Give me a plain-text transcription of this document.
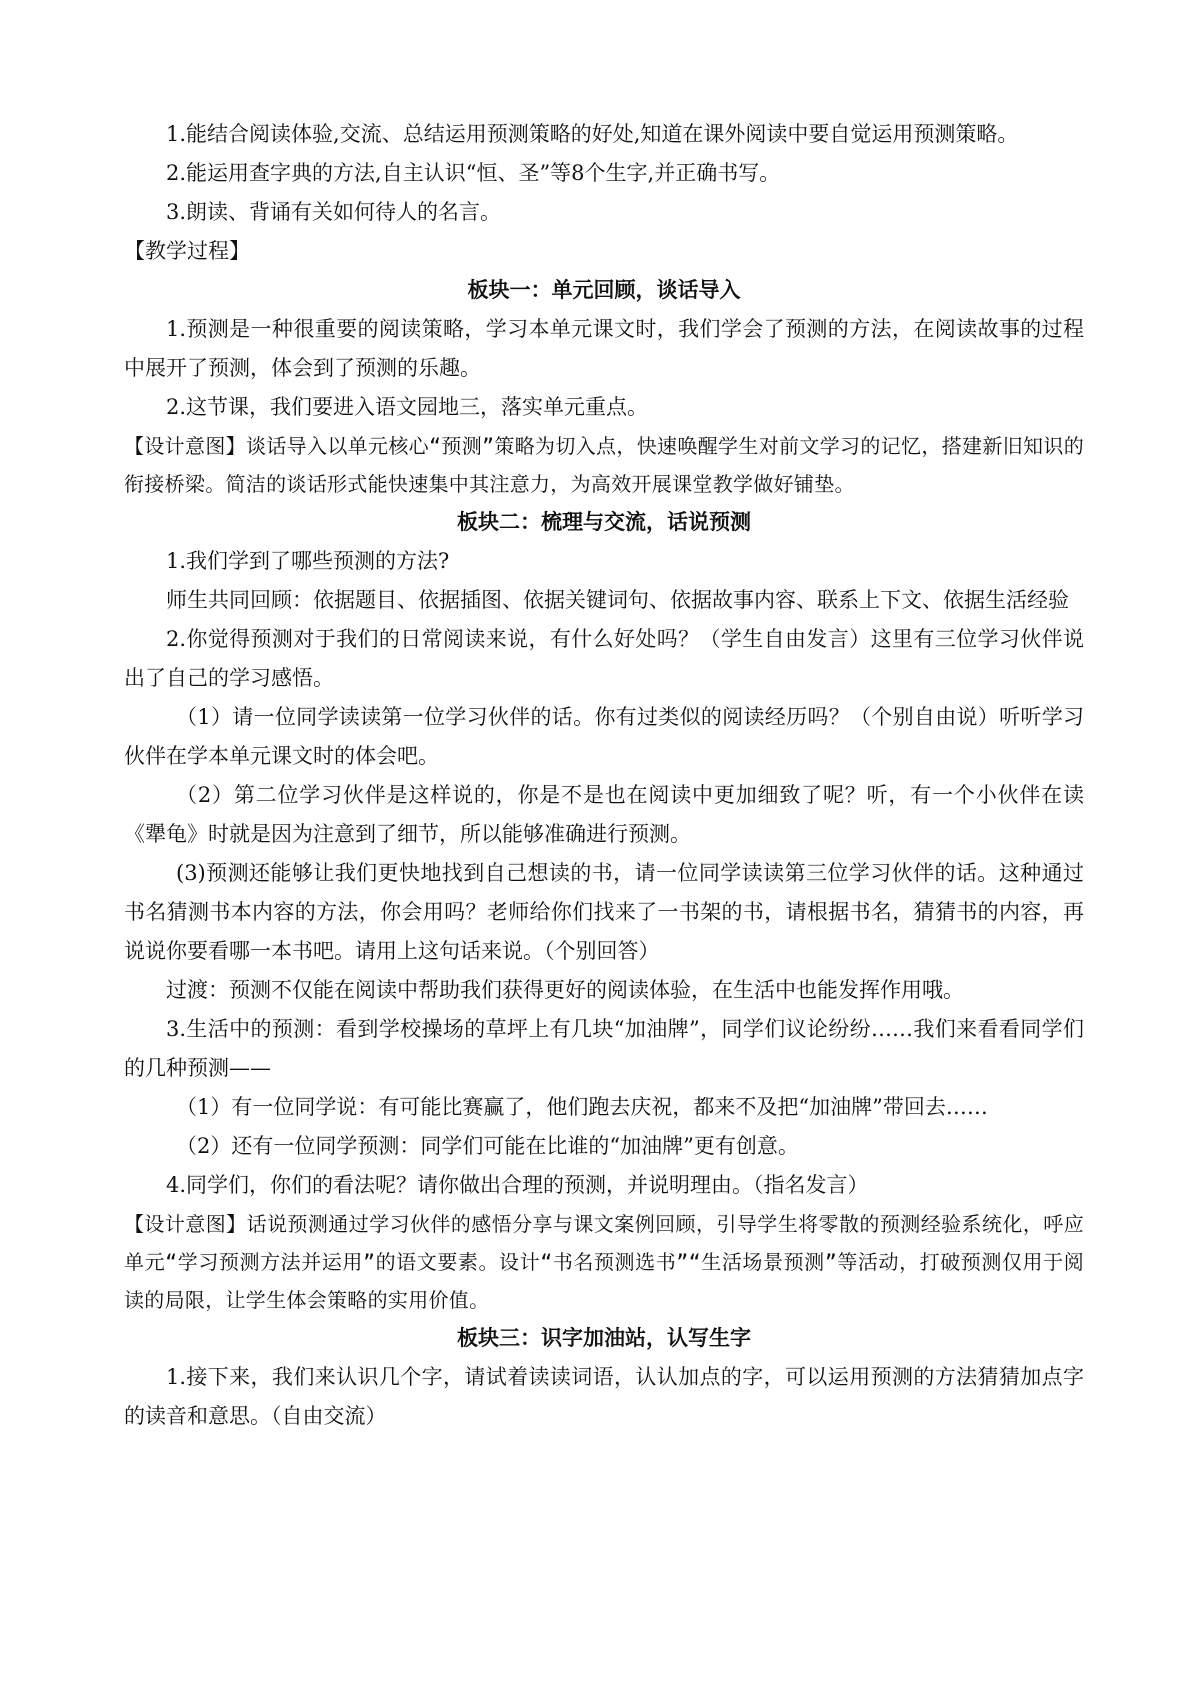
1.能结合阅读体验,交流、总结运用预测策略的好处,知道在课外阅读中要自觉运用预测策略。

2.能运用查字典的方法,自主认识“恒、圣”等8个生字,并正确书写。

3.朗读、背诵有关如何待人的名言。

【教学过程】

板块一：单元回顾，谈话导入

1.预测是一种很重要的阅读策略，学习本单元课文时，我们学会了预测的方法，在阅读故事的过程中展开了预测，体会到了预测的乐趣。

2.这节课，我们要进入语文园地三，落实单元重点。

【设计意图】谈话导入以单元核心“预测”策略为切入点，快速唤醒学生对前文学习的记忆，搭建新旧知识的衔接桥梁。简洁的谈话形式能快速集中其注意力，为高效开展课堂教学做好铺垫。

板块二：梳理与交流，话说预测

1.我们学到了哪些预测的方法?

师生共同回顾：依据题目、依据插图、依据关键词句、依据故事内容、联系上下文、依据生活经验

2.你觉得预测对于我们的日常阅读来说，有什么好处吗？（学生自由发言）这里有三位学习伙伴说出了自己的学习感悟。

（1）请一位同学读读第一位学习伙伴的话。你有过类似的阅读经历吗？（个别自由说）听听学习伙伴在学本单元课文时的体会吧。

（2）第二位学习伙伴是这样说的，你是不是也在阅读中更加细致了呢？听，有一个小伙伴在读《犟龟》时就是因为注意到了细节，所以能够准确进行预测。

(3)预测还能够让我们更快地找到自己想读的书，请一位同学读读第三位学习伙伴的话。这种通过书名猜测书本内容的方法，你会用吗？老师给你们找来了一书架的书，请根据书名，猜猜书的内容，再说说你要看哪一本书吧。请用上这句话来说。（个别回答）

过渡：预测不仅能在阅读中帮助我们获得更好的阅读体验，在生活中也能发挥作用哦。

3.生活中的预测：看到学校操场的草坪上有几块“加油牌”，同学们议论纷纷……我们来看看同学们的几种预测——

（1）有一位同学说：有可能比赛赢了，他们跑去庆祝，都来不及把“加油牌”带回去……

（2）还有一位同学预测：同学们可能在比谁的“加油牌”更有创意。

4.同学们，你们的看法呢？请你做出合理的预测，并说明理由。（指名发言）

【设计意图】话说预测通过学习伙伴的感悟分享与课文案例回顾，引导学生将零散的预测经验系统化，呼应单元“学习预测方法并运用”的语文要素。设计“书名预测选书”“生活场景预测”等活动，打破预测仅用于阅读的局限，让学生体会策略的实用价值。

板块三：识字加油站，认写生字

1.接下来，我们来认识几个字，请试着读读词语，认认加点的字，可以运用预测的方法猜猜加点字的读音和意思。（自由交流）
